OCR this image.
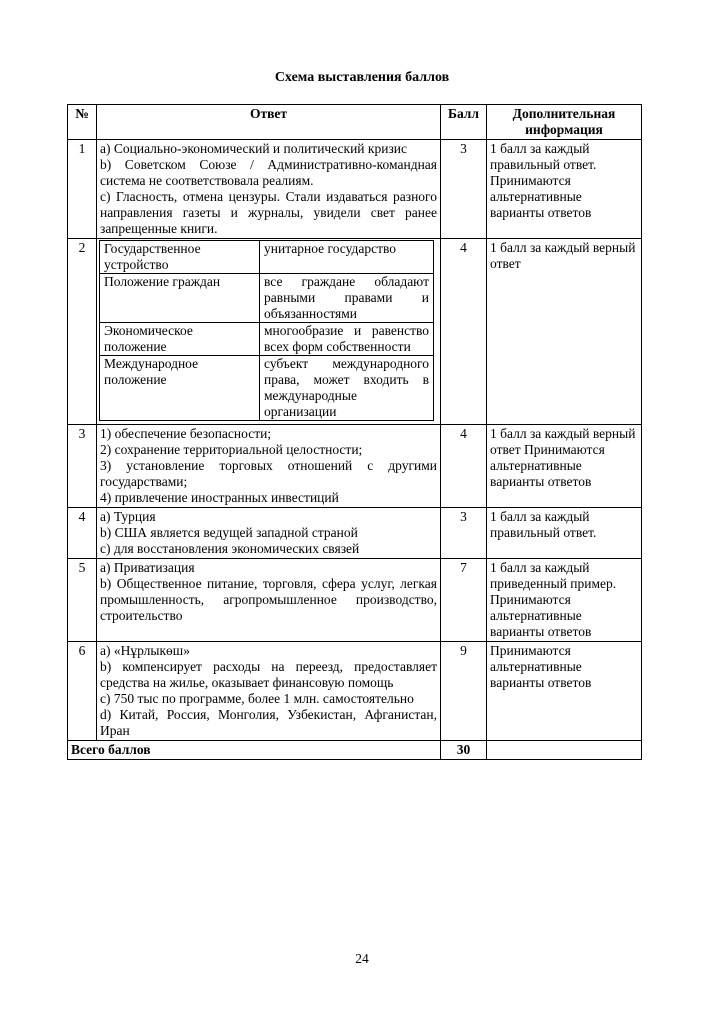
Схема выставления баллов
№	Ответ	Балл	Дополнительная информация
1	a) Социально-экономический и политический кризис
b) Советском Союзе / Административно-командная система не соответствовала реалиям.
c) Гласность, отмена цензуры. Стали издаваться разного направления газеты и журналы, увидели свет ранее запрещенные книги.
	3	1 балл за каждый правильный ответ. Принимаются альтернативные варианты ответов

2	Государственное устройство	унитарное государство
Положение граждан	все граждане обладают равными правами и объязанностями
Экономическое положение	многообразие и равенство всех форм собственности
Международное положение	субъект международного права, может входить в международные организации
	4	1 балл за каждый верный ответ

3	1) обеспечение безопасности;
2) сохранение территориальной целостности;
3) установление торговых отношений с другими государствами;
4) привлечение иностранных инвестиций
	4	1 балл за каждый верный ответ Принимаются альтернативные варианты ответов

4	a) Турция
b) США является ведущей западной страной
c) для восстановления экономических связей
	3	1 балл за каждый правильный ответ.

5	a) Приватизация
b) Общественное питание, торговля, сфера услуг, легкая промышленность, агропромышленное производство, строительство
	7	1 балл за каждый приведенный пример. Принимаются альтернативные варианты ответов

6	a) «Нұрлыкөш»
b) компенсирует расходы на переезд, предоставляет средства на жилье, оказывает финансовую помощь
c) 750 тыс по программе, более 1 млн. самостоятельно
d) Китай, Россия, Монголия, Узбекистан, Афганистан, Иран
	9	Принимаются альтернативные варианты ответов

Всего баллов	30	
24
